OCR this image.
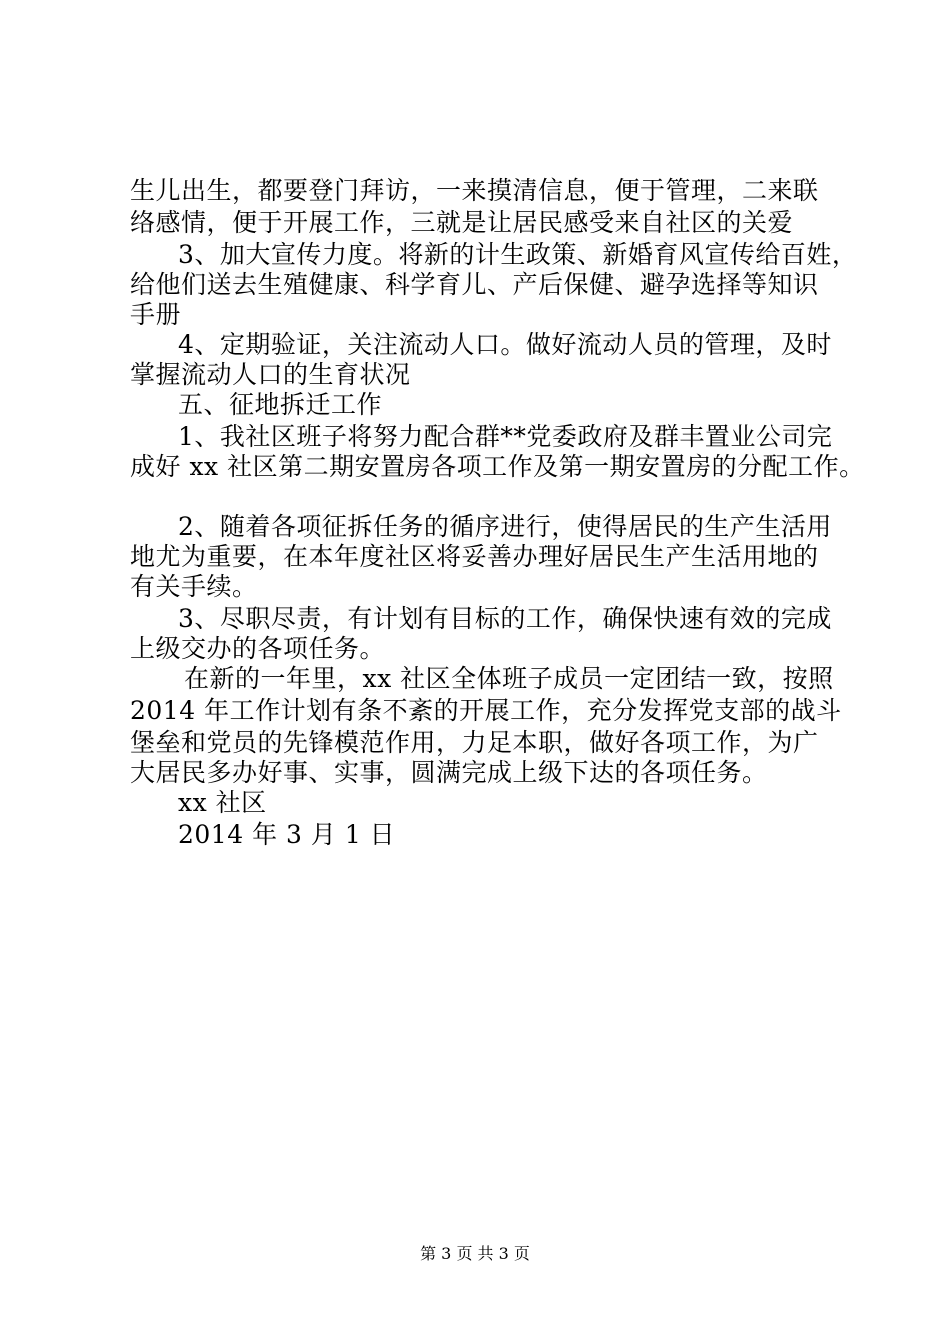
生儿出生，都要登门拜访，一来摸清信息，便于管理，二来联
络感情，便于开展工作，三就是让居民感受来自社区的关爱
3、加大宣传力度。将新的计生政策、新婚育风宣传给百姓，
给他们送去生殖健康、科学育儿、产后保健、避孕选择等知识
手册
4、定期验证，关注流动人口。做好流动人员的管理，及时
掌握流动人口的生育状况
五、征地拆迁工作
1、我社区班子将努力配合群**党委政府及群丰置业公司完
成好 xx 社区第二期安置房各项工作及第一期安置房的分配工作。
2、随着各项征拆任务的循序进行，使得居民的生产生活用
地尤为重要，在本年度社区将妥善办理好居民生产生活用地的
有关手续。
3、尽职尽责，有计划有目标的工作，确保快速有效的完成
上级交办的各项任务。
在新的一年里，xx 社区全体班子成员一定团结一致，按照
2014 年工作计划有条不紊的开展工作，充分发挥党支部的战斗
堡垒和党员的先锋模范作用，力足本职，做好各项工作，为广
大居民多办好事、实事，圆满完成上级下达的各项任务。
xx 社区
2014 年 3 月 1 日
第 3 页 共 3 页
